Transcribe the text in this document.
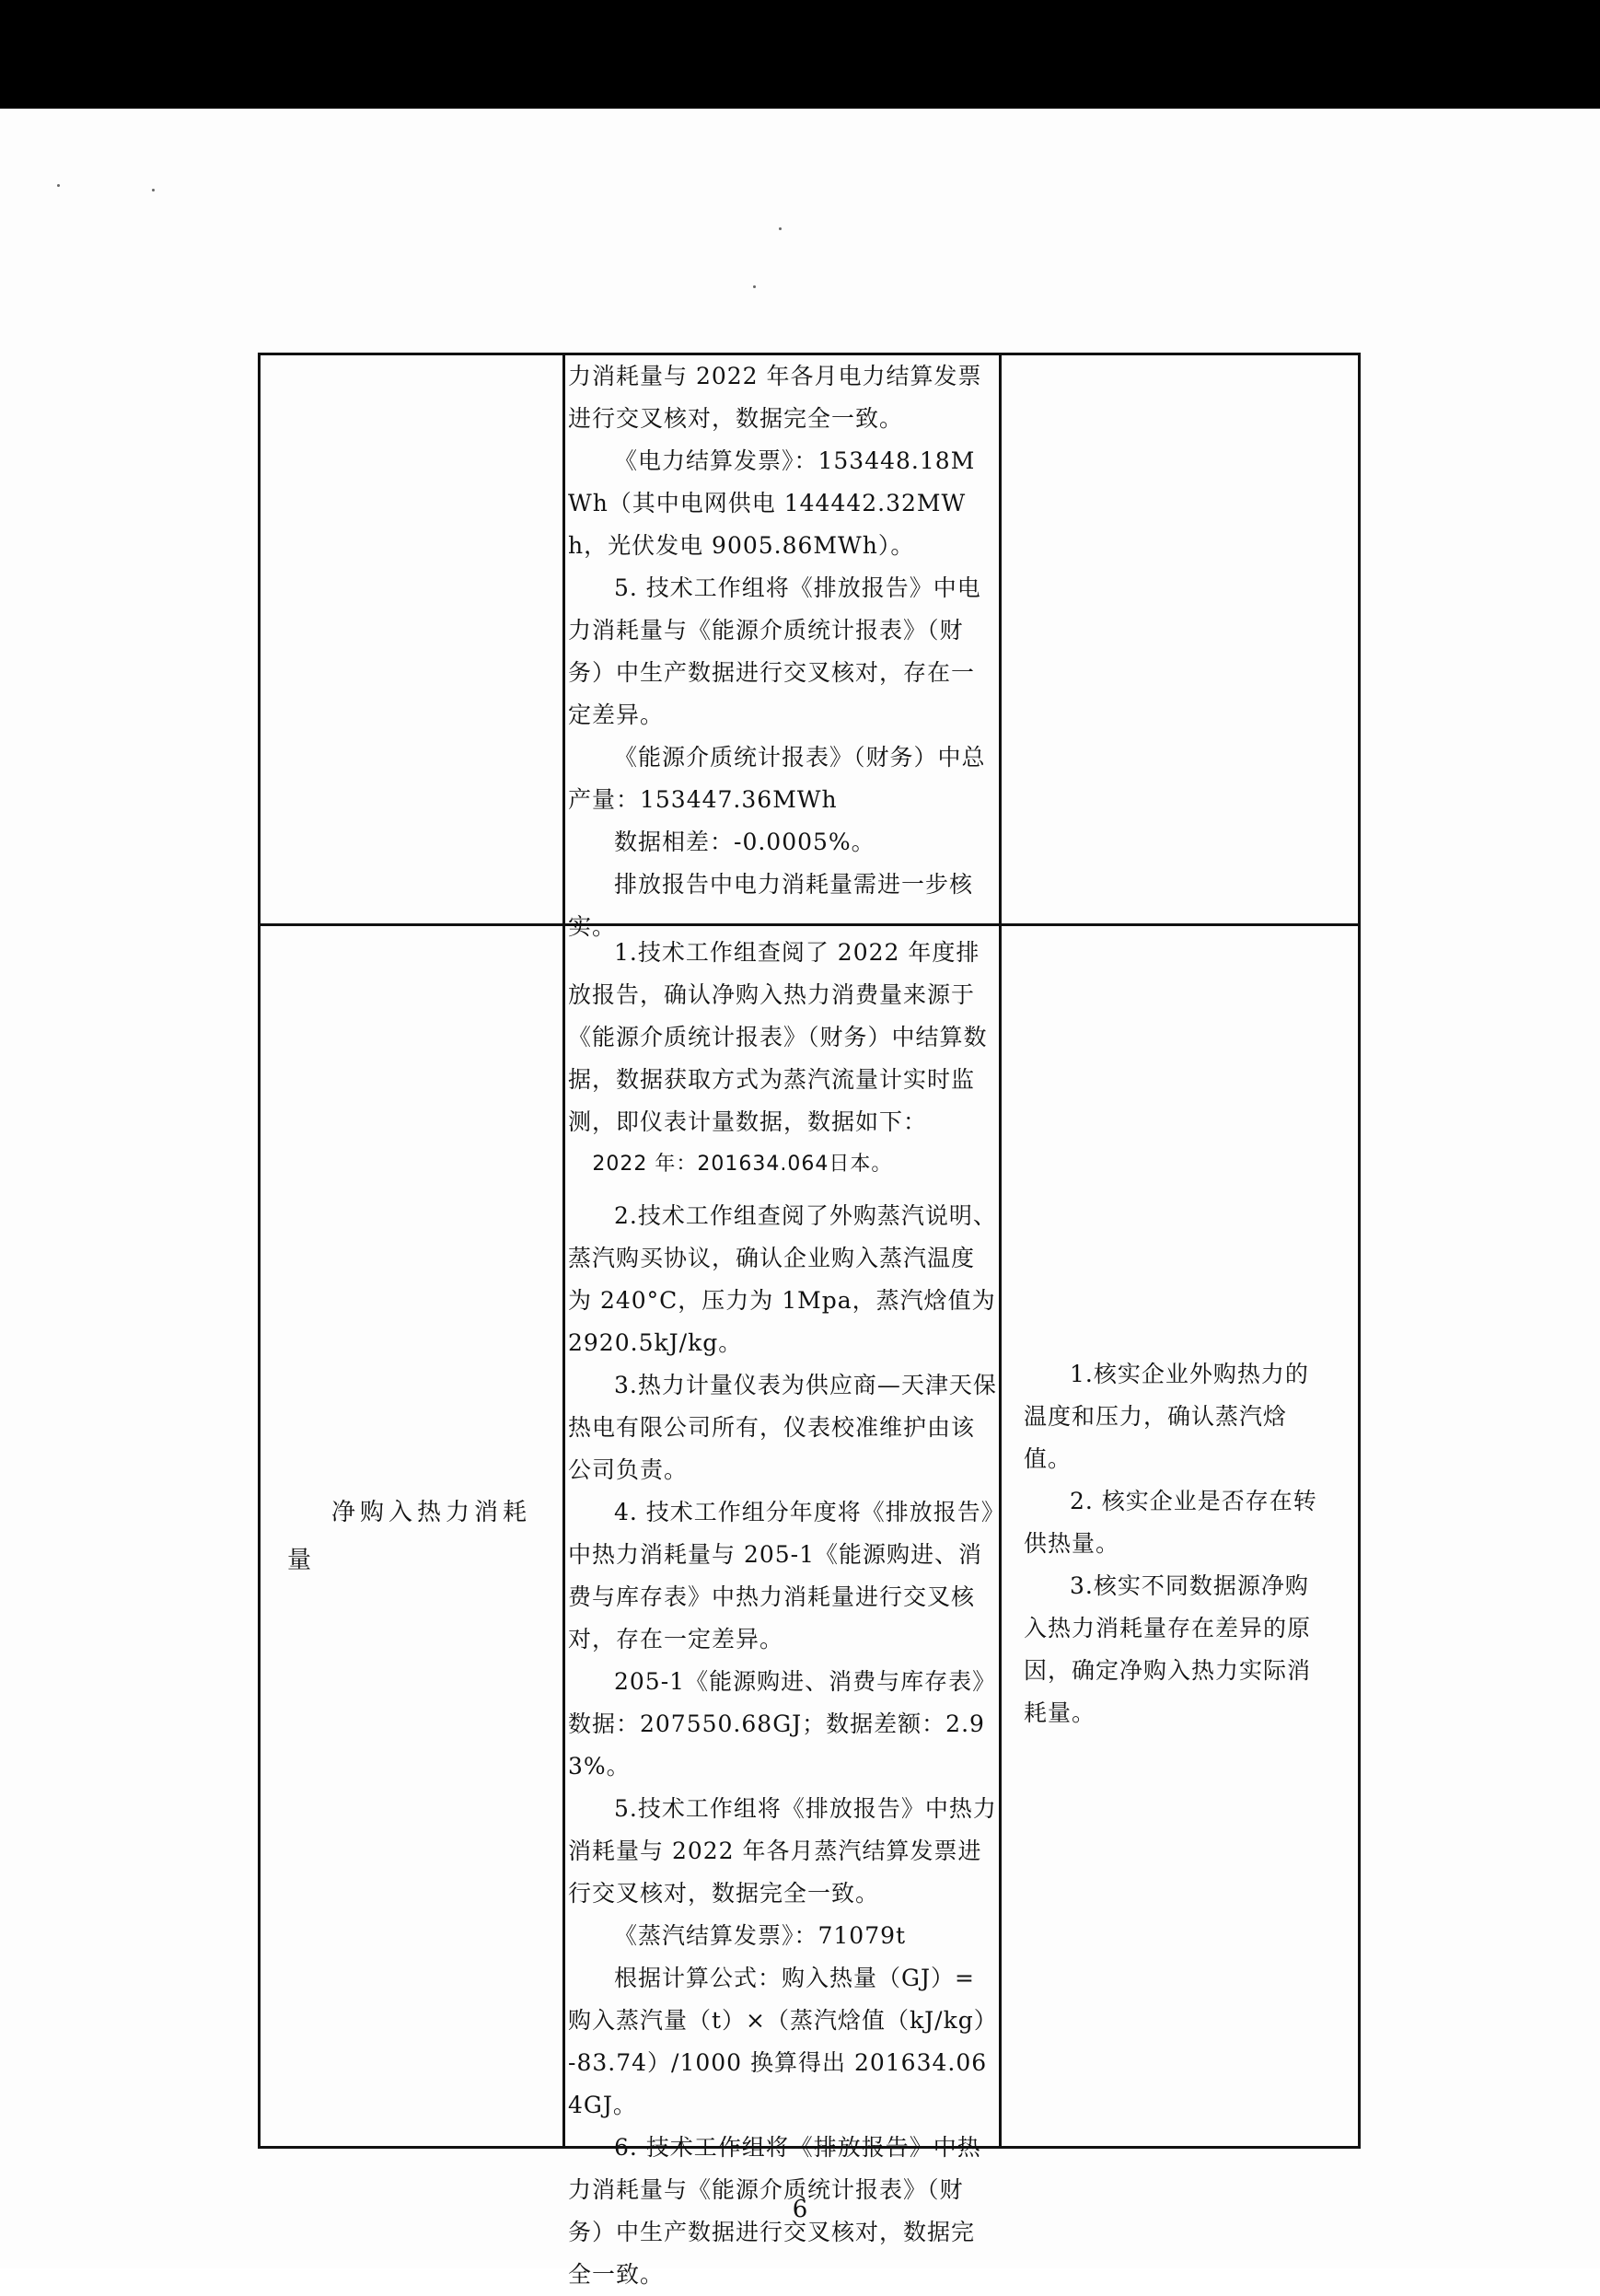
力消耗量与 2022 年各月电力结算发票进行交叉核对，数据完全一致。

《电力结算发票》：153448.18MWh（其中电网供电 144442.32MWh，光伏发电 9005.86MWh）。

5. 技术工作组将《排放报告》中电力消耗量与《能源介质统计报表》（财务）中生产数据进行交叉核对，存在一定差异。

《能源介质统计报表》（财务）中总产量：153447.36MWh

数据相差：-0.0005%。

排放报告中电力消耗量需进一步核实。

净购入热力消耗
量

1.技术工作组查阅了 2022 年度排放报告，确认净购入热力消费量来源于《能源介质统计报表》（财务）中结算数据，数据获取方式为蒸汽流量计实时监测，即仪表计量数据，数据如下：

2022 年：201634.064日本。

2.技术工作组查阅了外购蒸汽说明、蒸汽购买协议，确认企业购入蒸汽温度为 240°C，压力为 1Mpa，蒸汽焓值为 2920.5kJ/kg。

3.热力计量仪表为供应商—天津天保热电有限公司所有，仪表校准维护由该公司负责。

4. 技术工作组分年度将《排放报告》中热力消耗量与 205-1《能源购进、消费与库存表》中热力消耗量进行交叉核对，存在一定差异。

205-1《能源购进、消费与库存表》数据：207550.68GJ；数据差额：2.93%。

5.技术工作组将《排放报告》中热力消耗量与 2022 年各月蒸汽结算发票进行交叉核对，数据完全一致。

《蒸汽结算发票》：71079t

根据计算公式：购入热量（GJ）=购入蒸汽量（t）×（蒸汽焓值（kJ/kg）-83.74）/1000 换算得出 201634.064GJ。

6. 技术工作组将《排放报告》中热力消耗量与《能源介质统计报表》（财务）中生产数据进行交叉核对，数据完全一致。

1.核实企业外购热力的温度和压力，确认蒸汽焓值。

2. 核实企业是否存在转供热量。

3.核实不同数据源净购入热力消耗量存在差异的原因，确定净购入热力实际消耗量。

6
